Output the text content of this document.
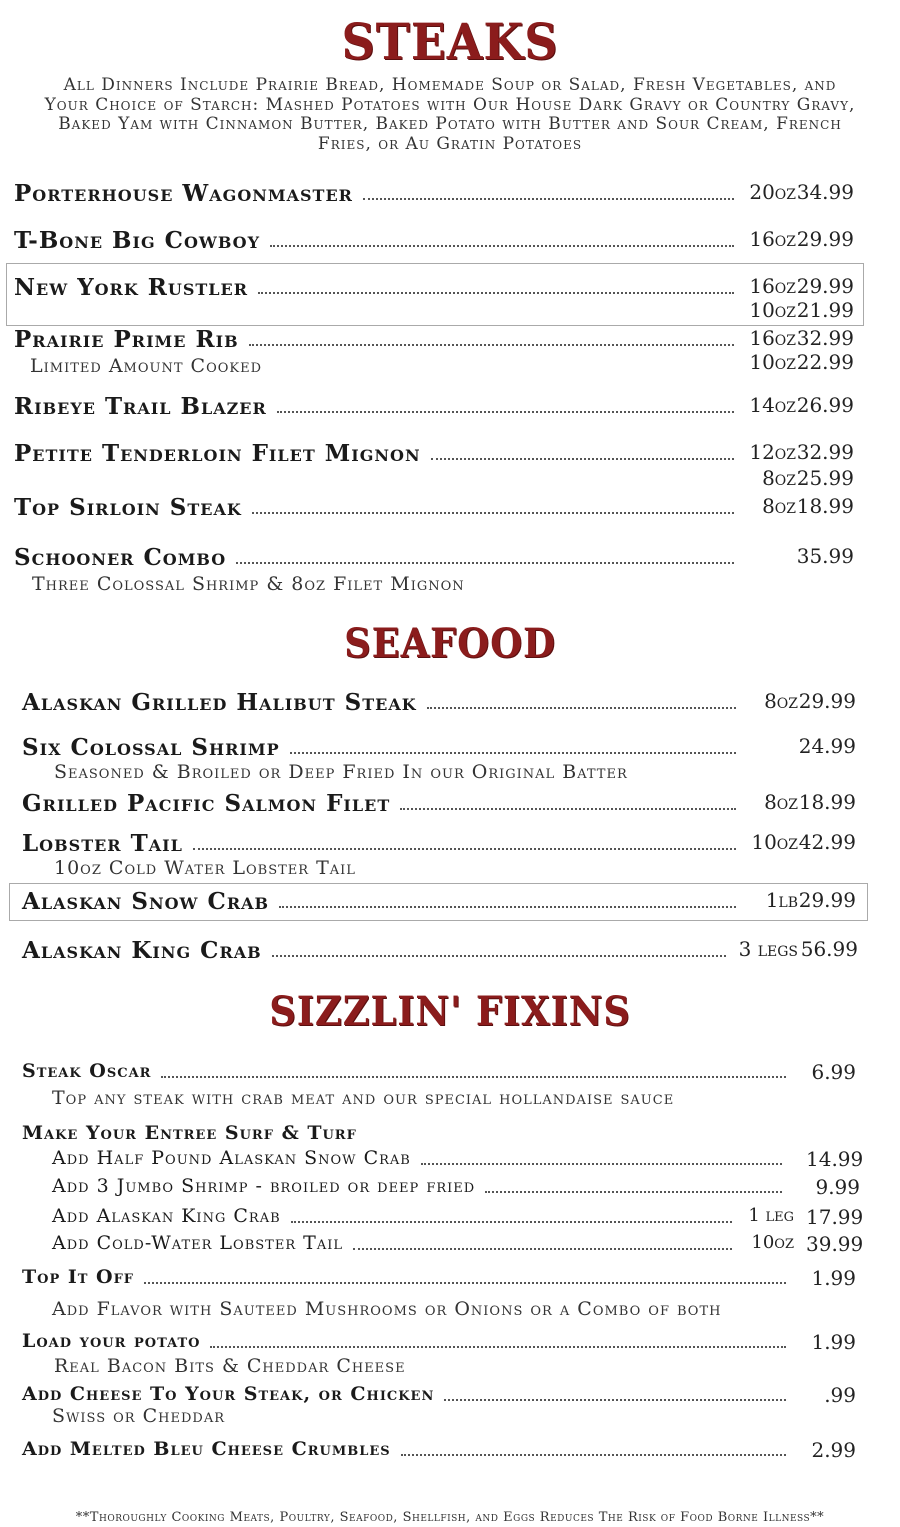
STEAKS
All Dinners Include Prairie Bread, Homemade Soup or Salad, Fresh Vegetables, and Your Choice of Starch: Mashed Potatoes with Our House Dark Gravy or Country Gravy, Baked Yam with Cinnamon Butter, Baked Potato with Butter and Sour Cream, French Fries, or Au Gratin Potatoes
Porterhouse Wagonmaster	20oz 34.99
T-Bone Big Cowboy	16oz 29.99
New York Rustler	16oz 29.99
10oz 21.99
Prairie Prime Rib	16oz 32.99
Limited Amount Cooked	10oz 22.99
Ribeye Trail Blazer	14oz 26.99
Petite Tenderloin Filet Mignon	12oz 32.99
8oz 25.99
Top Sirloin Steak	8oz 18.99
Schooner Combo	35.99
Three Colossal Shrimp & 8oz Filet Mignon
SEAFOOD
Alaskan Grilled Halibut Steak	8oz 29.99
Six Colossal Shrimp	24.99
Seasoned & Broiled or Deep Fried In our Original Batter
Grilled Pacific Salmon Filet	8oz 18.99
Lobster Tail	10oz 42.99
10oz Cold Water Lobster Tail
Alaskan Snow Crab	1lb 29.99
Alaskan King Crab	3 legs 56.99
SIZZLIN' FIXINS
Steak Oscar	6.99
Top any steak with crab meat and our special hollandaise sauce
Make Your Entree Surf & Turf
Add Half Pound Alaskan Snow Crab	14.99
Add 3 Jumbo Shrimp - broiled or deep fried	9.99
Add Alaskan King Crab	1 leg 17.99
Add Cold-Water Lobster Tail	10oz 39.99
Top It Off	1.99
Add Flavor with Sauteed Mushrooms or Onions or a Combo of both
Load your potato	1.99
Real Bacon Bits & Cheddar Cheese
Add Cheese To Your Steak, or Chicken	.99
Swiss or Cheddar
Add Melted Bleu Cheese Crumbles	2.99
**Thoroughly Cooking Meats, Poultry, Seafood, Shellfish, and Eggs Reduces The Risk of Food Borne Illness**
